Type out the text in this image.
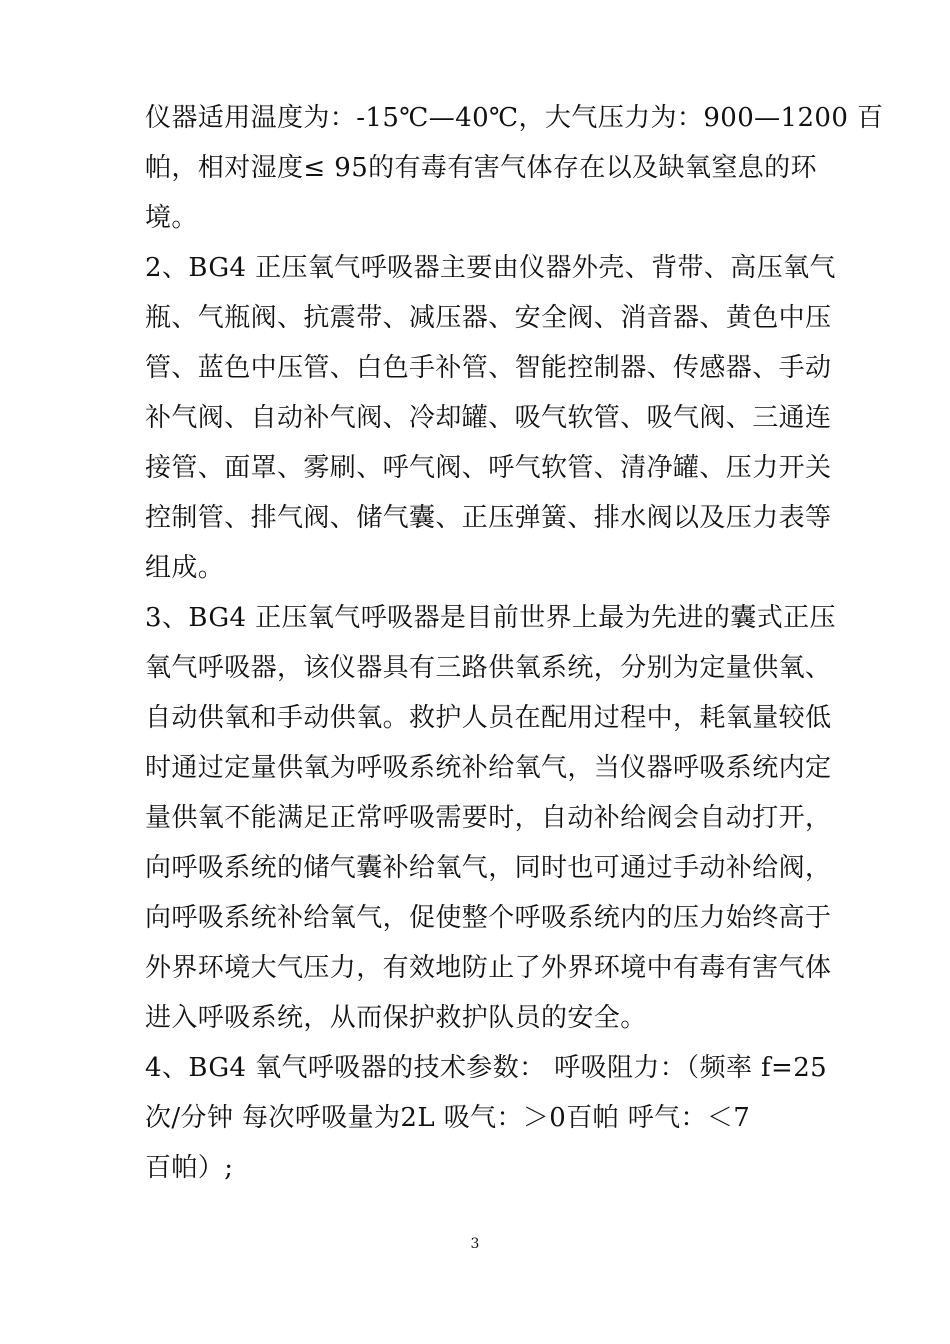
仪器适用温度为：-15℃—40℃，大气压力为：900—1200 百
帕，相对湿度≤ 95的有毒有害气体存在以及缺氧窒息的环
境。
2、BG4 正压氧气呼吸器主要由仪器外壳、背带、高压氧气
瓶、气瓶阀、抗震带、减压器、安全阀、消音器、黄色中压
管、蓝色中压管、白色手补管、智能控制器、传感器、手动
补气阀、自动补气阀、冷却罐、吸气软管、吸气阀、三通连
接管、面罩、雾刷、呼气阀、呼气软管、清净罐、压力开关
控制管、排气阀、储气囊、正压弹簧、排水阀以及压力表等
组成。
3、BG4 正压氧气呼吸器是目前世界上最为先进的囊式正压
氧气呼吸器，该仪器具有三路供氧系统，分别为定量供氧、
自动供氧和手动供氧。救护人员在配用过程中，耗氧量较低
时通过定量供氧为呼吸系统补给氧气，当仪器呼吸系统内定
量供氧不能满足正常呼吸需要时，自动补给阀会自动打开，
向呼吸系统的储气囊补给氧气，同时也可通过手动补给阀，
向呼吸系统补给氧气，促使整个呼吸系统内的压力始终高于
外界环境大气压力，有效地防止了外界环境中有毒有害气体
进入呼吸系统，从而保护救护队员的安全。
4、BG4 氧气呼吸器的技术参数： 呼吸阻力：（频率 f=25
次/分钟 每次呼吸量为2L 吸气：＞0百帕 呼气：＜7
百帕）;
3
